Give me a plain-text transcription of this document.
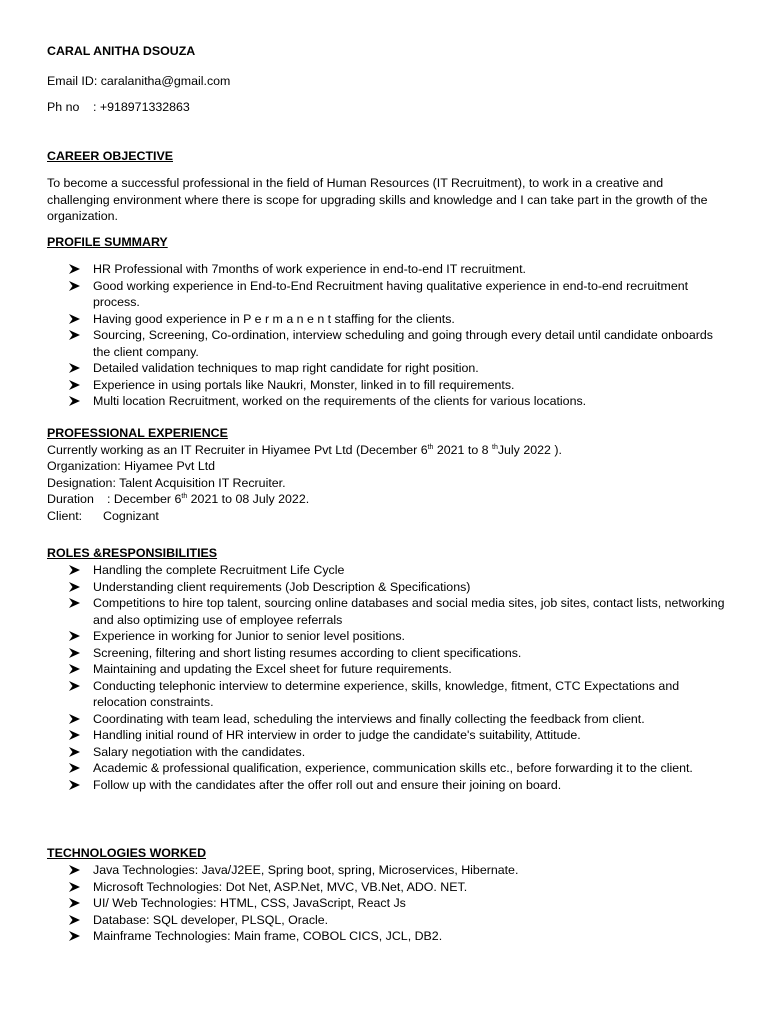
CARAL ANITHA DSOUZA
Email ID: caralanitha@gmail.com
Ph no : +918971332863
CAREER OBJECTIVE
To become a successful professional in the field of Human Resources (IT Recruitment), to work in a creative and challenging environment where there is scope for upgrading skills and knowledge and I can take part in the growth of the organization.
PROFILE SUMMARY
HR Professional with 7months of work experience in end-to-end IT recruitment.
Good working experience in End-to-End Recruitment having qualitative experience in end-to-end recruitment process.
Having good experience in P e r m a n e n t staffing for the clients.
Sourcing, Screening, Co-ordination, interview scheduling and going through every detail until candidate onboards the client company.
Detailed validation techniques to map right candidate for right position.
Experience in using portals like Naukri, Monster, linked in to fill requirements.
Multi location Recruitment, worked on the requirements of the clients for various locations.
PROFESSIONAL EXPERIENCE
Currently working as an IT Recruiter in Hiyamee Pvt Ltd (December 6th 2021 to 8 $^{th}$July 2022 ).
Organization: Hiyamee Pvt Ltd
Designation: Talent Acquisition IT Recruiter.
Duration : December 6th 2021 to 08 July 2022.
Client: Cognizant
ROLES &RESPONSIBILITIES
Handling the complete Recruitment Life Cycle
Understanding client requirements (Job Description & Specifications)
Competitions to hire top talent, sourcing online databases and social media sites, job sites, contact lists, networking and also optimizing use of employee referrals
Experience in working for Junior to senior level positions.
Screening, filtering and short listing resumes according to client specifications.
Maintaining and updating the Excel sheet for future requirements.
Conducting telephonic interview to determine experience, skills, knowledge, fitment, CTC Expectations and relocation constraints.
Coordinating with team lead, scheduling the interviews and finally collecting the feedback from client.
Handling initial round of HR interview in order to judge the candidate's suitability, Attitude.
Salary negotiation with the candidates.
Academic & professional qualification, experience, communication skills etc., before forwarding it to the client.
Follow up with the candidates after the offer roll out and ensure their joining on board.
TECHNOLOGIES WORKED
Java Technologies: Java/J2EE, Spring boot, spring, Microservices, Hibernate.
Microsoft Technologies: Dot Net, ASP.Net, MVC, VB.Net, ADO. NET.
UI/ Web Technologies: HTML, CSS, JavaScript, React Js
Database: SQL developer, PLSQL, Oracle.
Mainframe Technologies: Main frame, COBOL CICS, JCL, DB2.
